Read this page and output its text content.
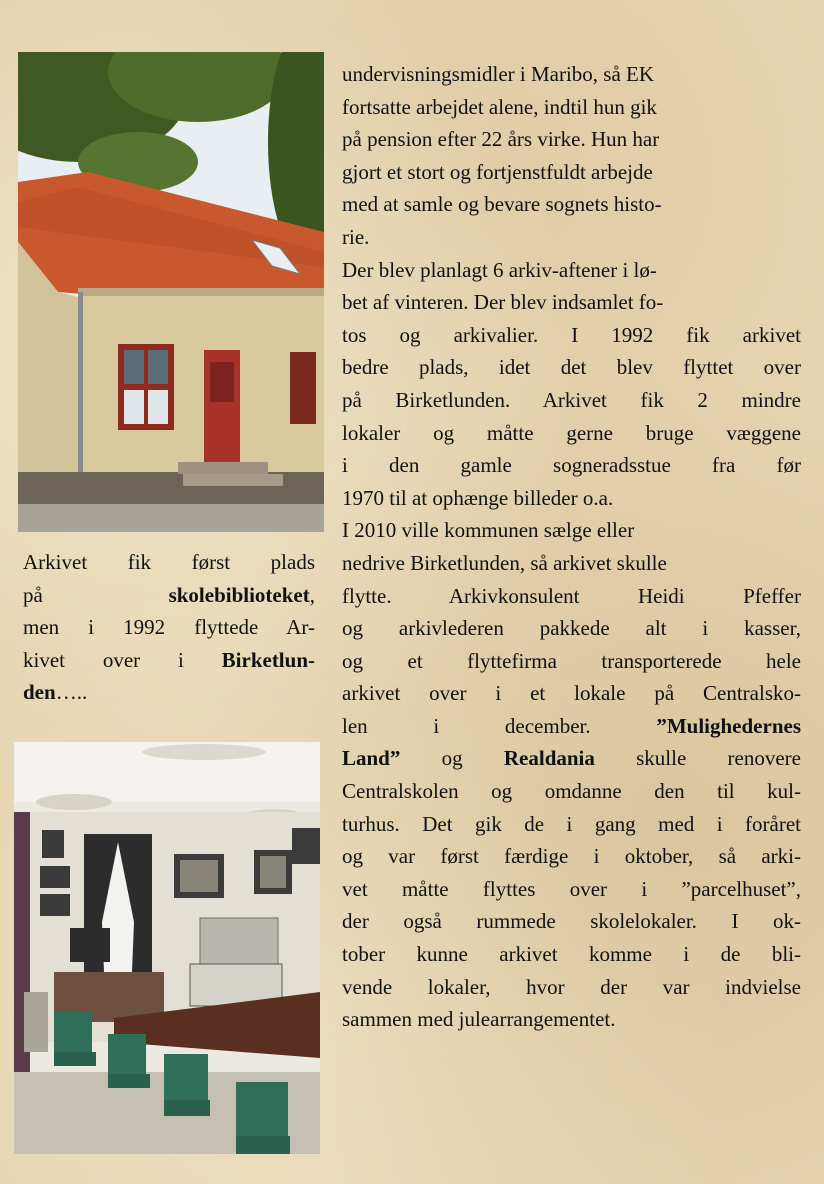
Arkivet fik først plads
på	skolebiblioteket,
men i 1992 flyttede Ar-
kivet over i Birketlun-
den…..
undervisningsmidler i Maribo, så EK
fortsatte arbejdet alene, indtil hun gik
på pension efter 22 års virke. Hun har
gjort et stort og fortjenstfuldt arbejde
med at samle og bevare sognets histo-
rie.
Der blev planlagt 6 arkiv-aftener i lø-
bet af vinteren. Der blev indsamlet fo-
tos og arkivalier. I 1992 fik arkivet
bedre plads, idet det blev flyttet over
på Birketlunden. Arkivet fik 2 mindre
lokaler og måtte gerne bruge væggene
i den gamle sogneradsstue fra før
1970 til at ophænge billeder o.a.
I 2010 ville kommunen sælge eller
nedrive Birketlunden, så arkivet skulle
flytte. Arkivkonsulent Heidi Pfeffer
og arkivlederen pakkede alt i kasser,
og et flyttefirma transporterede hele
arkivet over i et lokale på Centralsko-
len i december. ”Mulighedernes
Land” og Realdania skulle renovere
Centralskolen og omdanne den til kul-
turhus. Det gik de i gang med i foråret
og var først færdige i oktober, så arki-
vet måtte flyttes over i ”parcelhuset”,
der også rummede skolelokaler. I ok-
tober kunne arkivet komme i de bli-
vende lokaler, hvor der var indvielse
sammen med julearrangementet.
